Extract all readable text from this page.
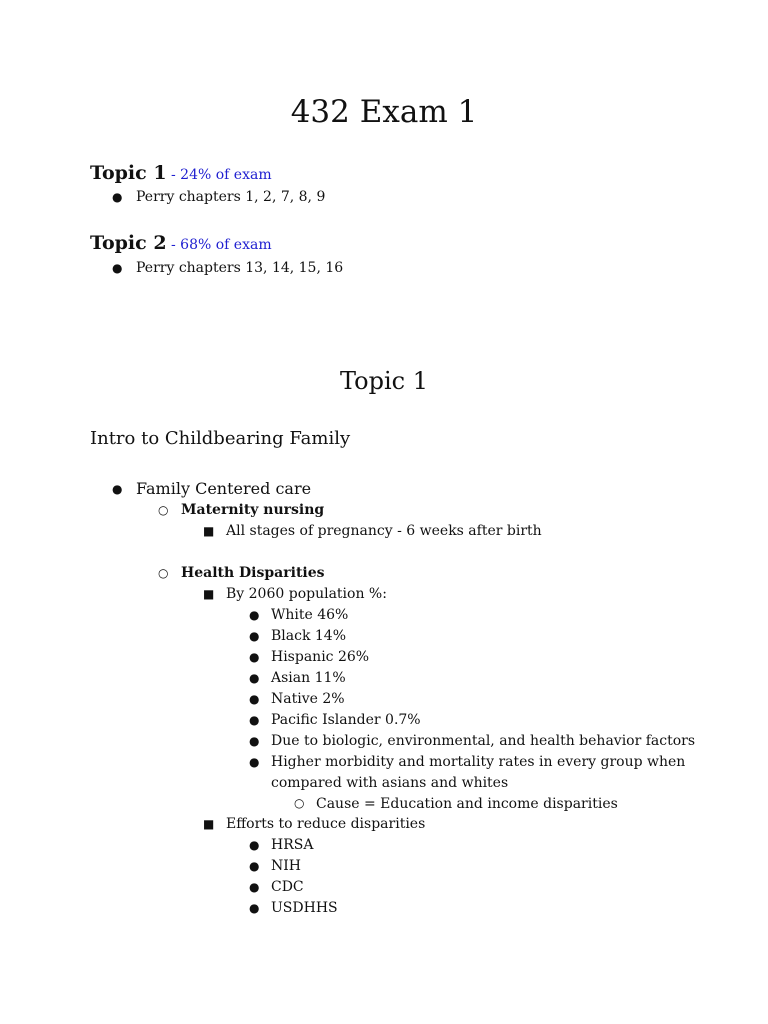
432 Exam 1
Topic 1 - 24% of exam
● Perry chapters 1, 2, 7, 8, 9
Topic 2 - 68% of exam
● Perry chapters 13, 14, 15, 16
Topic 1
Intro to Childbearing Family
● Family Centered care
○ Maternity nursing
■ All stages of pregnancy - 6 weeks after birth
○ Health Disparities
■ By 2060 population %:
● White 46%
● Black 14%
● Hispanic 26%
● Asian 11%
● Native 2%
● Pacific Islander 0.7%
● Due to biologic, environmental, and health behavior factors
● Higher morbidity and mortality rates in every group when
compared with asians and whites
○ Cause = Education and income disparities
■ Efforts to reduce disparities
● HRSA
● NIH
● CDC
● USDHHS
